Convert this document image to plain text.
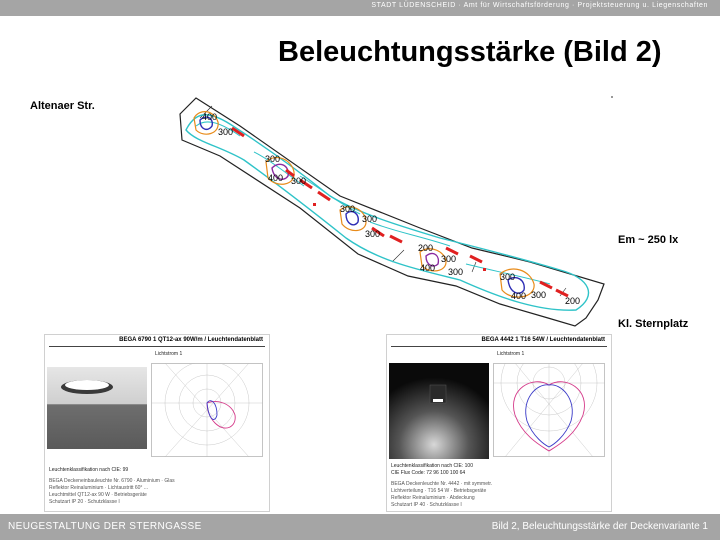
STADT LÜDENSCHEID · Amt für Wirtschaftsförderung · Projektsteuerung u. Liegenschaften
Beleuchtungsstärke (Bild 2)
Altenaer Str.
Em ~ 250 lx
Kl. Sternplatz
400
300
300
400 300
300
300
300
200
300
400 300	300
400 300
200
BEGA 6790 1 QT12-ax 90W/m / Leuchtendatenblatt
Lichtstrom 1
Leuchtenklassifikation nach CIE: 99
BEGA Deckeneinbauleuchte Nr. 6790 · Aluminium · Glas
Reflektor Reinaluminium · Lichtaustritt 60° ...
Leuchtmittel QT12-ax 90 W · Betriebsgeräte
Schutzart IP 20 · Schutzklasse I
BEGA 4442 1 T16 54W / Leuchtendatenblatt
Lichtstrom 1
Leuchtenklassifikation nach CIE: 100
CIE Flux Code: 72 96 100 100 64
BEGA Deckenleuchte Nr. 4442 · mit symmetr.
Lichtverteilung · T16 54 W · Betriebsgeräte
Reflektor Reinaluminium · Abdeckung
Schutzart IP 40 · Schutzklasse I
NEUGESTALTUNG DER STERNGASSE	Bild 2, Beleuchtungsstärke der Deckenvariante 1
